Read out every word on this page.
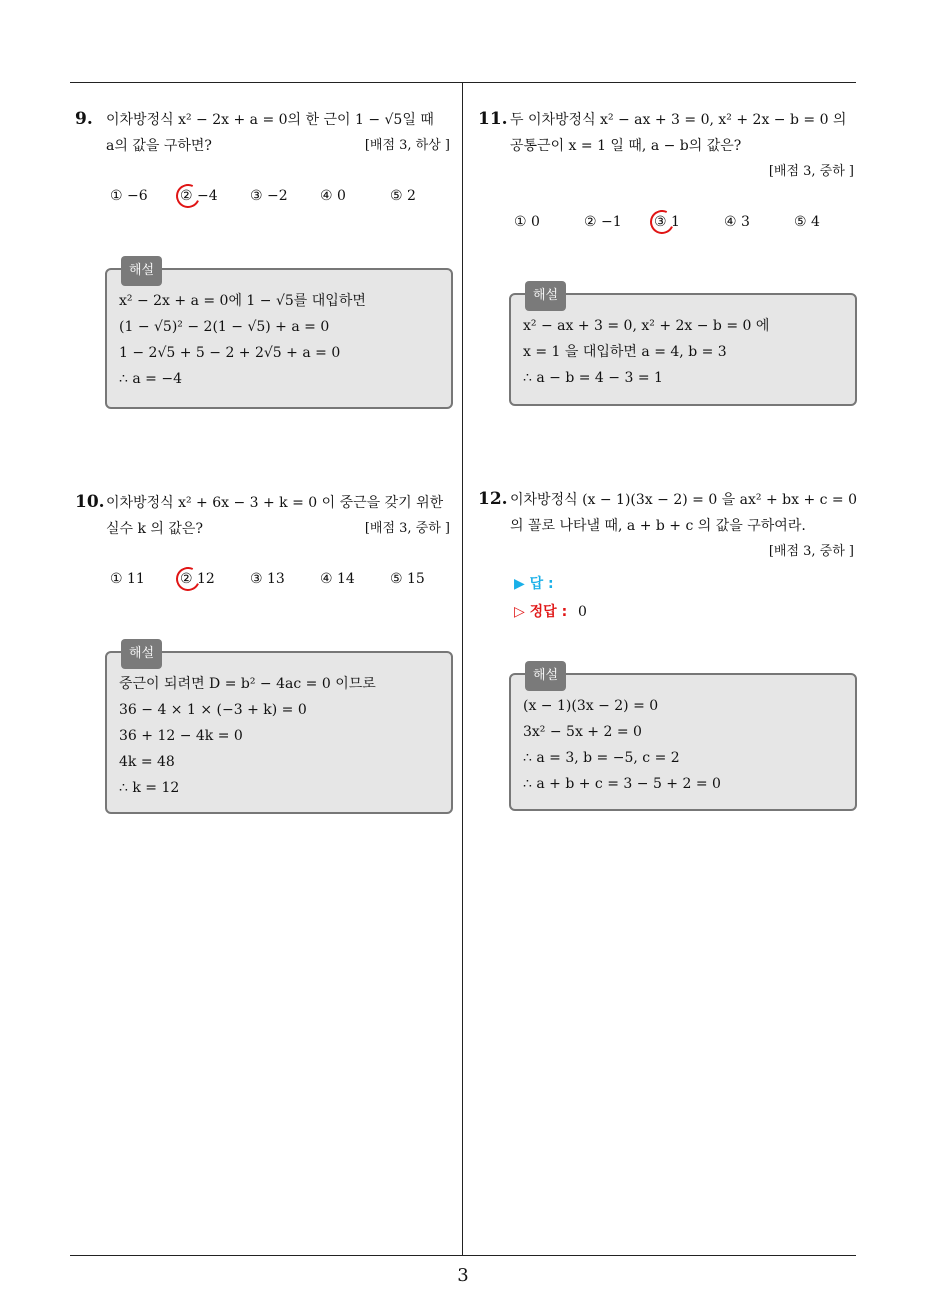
3
9. 이차방정식 x² − 2x + a = 0의 한 근이 1 − √5일 때
a의 값을 구하면?	[배점 3, 하상 ]
① −6 ② −4 ③ −2 ④ 0	⑤ 2
해설
x² − 2x + a = 0에 1 − √5를 대입하면
(1 − √5)² − 2(1 − √5) + a = 0
1 − 2√5 + 5 − 2 + 2√5 + a = 0
∴ a = −4
10. 이차방정식 x² + 6x − 3 + k = 0 이 중근을 갖기 위한
실수 k 의 값은?	[배점 3, 중하 ]
① 11	② 12	③ 13	④ 14	⑤ 15
해설
중근이 되려면 D = b² − 4ac = 0 이므로
36 − 4 × 1 × (−3 + k) = 0
36 + 12 − 4k = 0
4k = 48
∴ k = 12
11. 두 이차방정식 x² − ax + 3 = 0, x² + 2x − b = 0 의
공통근이 x = 1 일 때, a − b의 값은?
[배점 3, 중하 ]
① 0	② −1 ③ 1	④ 3	⑤ 4
해설
x² − ax + 3 = 0, x² + 2x − b = 0 에
x = 1 을 대입하면 a = 4, b = 3
∴ a − b = 4 − 3 = 1
12. 이차방정식 (x − 1)(3x − 2) = 0 을 ax² + bx + c = 0
의 꼴로 나타낼 때, a + b + c 의 값을 구하여라.
[배점 3, 중하 ]
▶ 답 :
▷ 정답 : 0
해설
(x − 1)(3x − 2) = 0
3x² − 5x + 2 = 0
∴ a = 3, b = −5, c = 2
∴ a + b + c = 3 − 5 + 2 = 0
